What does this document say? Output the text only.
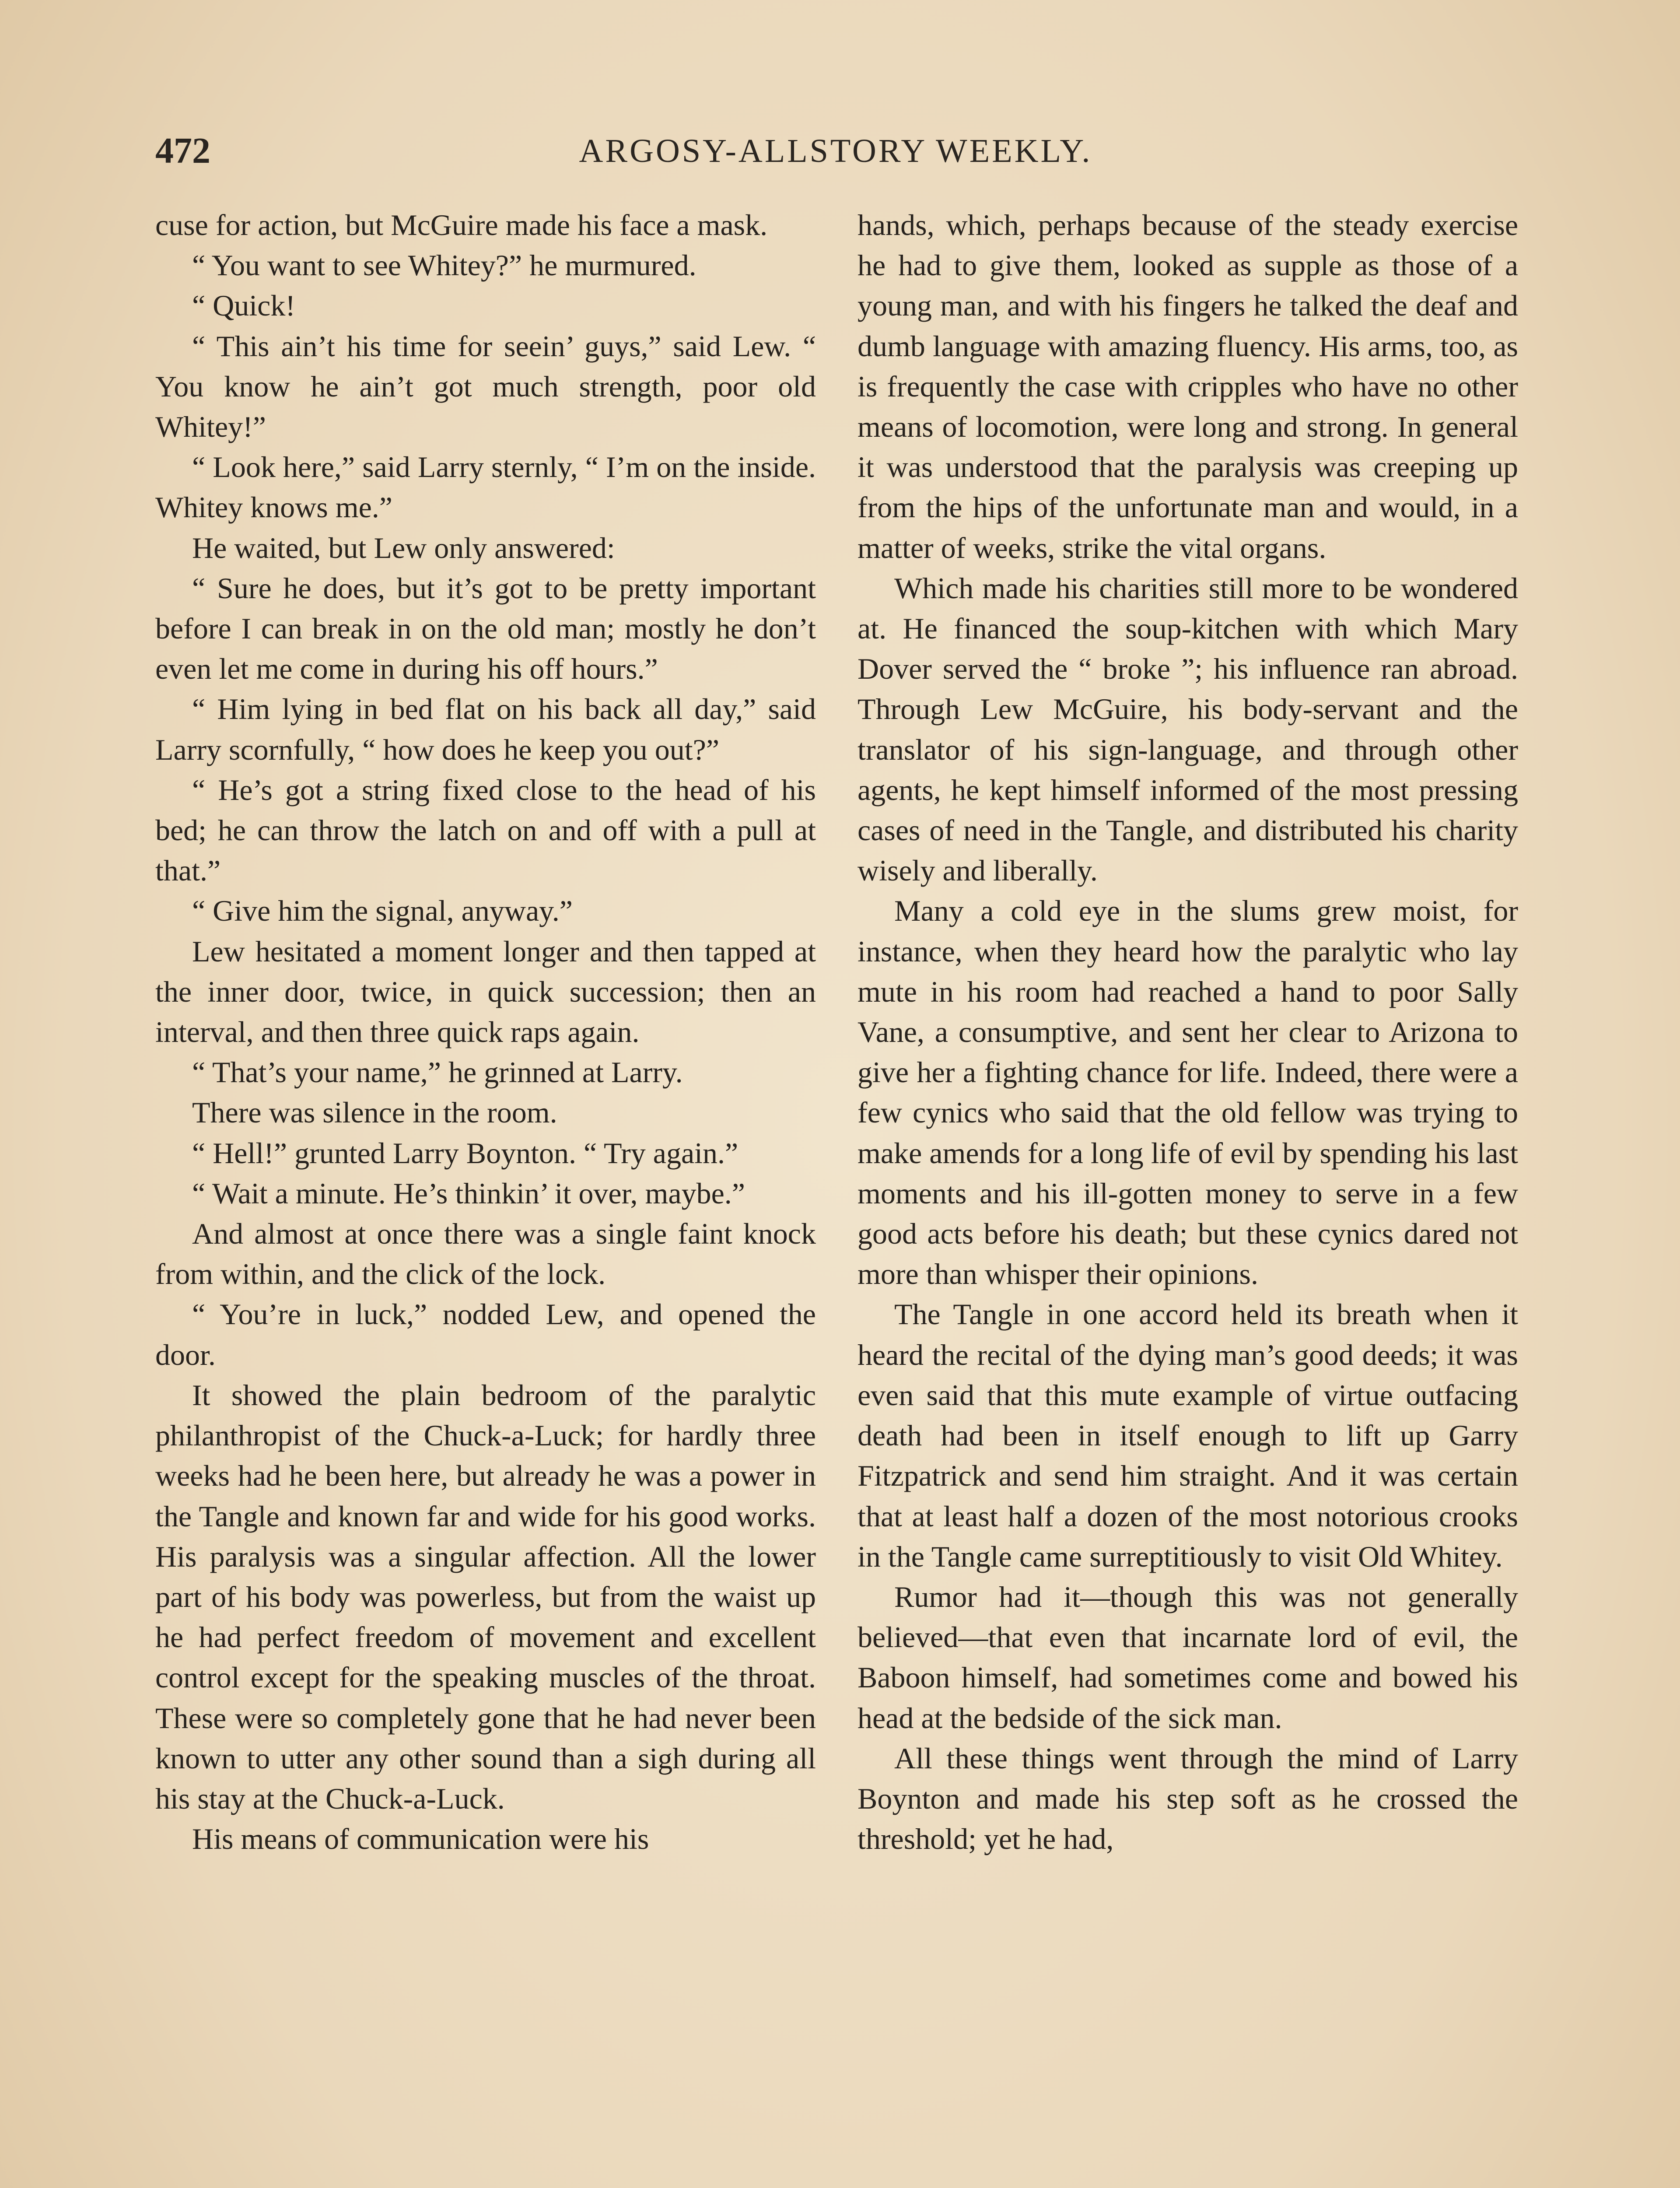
472	ARGOSY-ALLSTORY WEEKLY.

cuse for action, but McGuire made his face a mask.

“ You want to see Whitey?” he murmured.

“ Quick!

“ This ain’t his time for seein’ guys,” said Lew. “ You know he ain’t got much strength, poor old Whitey!”

“ Look here,” said Larry sternly, “ I’m on the inside. Whitey knows me.”

He waited, but Lew only answered:

“ Sure he does, but it’s got to be pretty important before I can break in on the old man; mostly he don’t even let me come in during his off hours.”

“ Him lying in bed flat on his back all day,” said Larry scornfully, “ how does he keep you out?”

“ He’s got a string fixed close to the head of his bed; he can throw the latch on and off with a pull at that.”

“ Give him the signal, anyway.”

Lew hesitated a moment longer and then tapped at the inner door, twice, in quick succession; then an interval, and then three quick raps again.

“ That’s your name,” he grinned at Larry.

There was silence in the room.

“ Hell!” grunted Larry Boynton. “ Try again.”

“ Wait a minute. He’s thinkin’ it over, maybe.”

And almost at once there was a single faint knock from within, and the click of the lock.

“ You’re in luck,” nodded Lew, and opened the door.

It showed the plain bedroom of the paralytic philanthropist of the Chuck-a-Luck; for hardly three weeks had he been here, but already he was a power in the Tangle and known far and wide for his good works. His paralysis was a singular affection. All the lower part of his body was powerless, but from the waist up he had perfect freedom of movement and excellent control except for the speaking muscles of the throat. These were so completely gone that he had never been known to utter any other sound than a sigh during all his stay at the Chuck-a-Luck.

His means of communication were his

hands, which, perhaps because of the steady exercise he had to give them, looked as supple as those of a young man, and with his fingers he talked the deaf and dumb language with amazing fluency. His arms, too, as is frequently the case with cripples who have no other means of locomotion, were long and strong. In general it was understood that the paralysis was creeping up from the hips of the unfortunate man and would, in a matter of weeks, strike the vital organs.

Which made his charities still more to be wondered at. He financed the soup-kitchen with which Mary Dover served the “ broke ”; his influence ran abroad. Through Lew McGuire, his body-servant and the translator of his sign-language, and through other agents, he kept himself informed of the most pressing cases of need in the Tangle, and distributed his charity wisely and liberally.

Many a cold eye in the slums grew moist, for instance, when they heard how the paralytic who lay mute in his room had reached a hand to poor Sally Vane, a consumptive, and sent her clear to Arizona to give her a fighting chance for life. Indeed, there were a few cynics who said that the old fellow was trying to make amends for a long life of evil by spending his last moments and his ill-gotten money to serve in a few good acts before his death; but these cynics dared not more than whisper their opinions.

The Tangle in one accord held its breath when it heard the recital of the dying man’s good deeds; it was even said that this mute example of virtue outfacing death had been in itself enough to lift up Garry Fitzpatrick and send him straight. And it was certain that at least half a dozen of the most notorious crooks in the Tangle came surreptitiously to visit Old Whitey.

Rumor had it—though this was not generally believed—that even that incarnate lord of evil, the Baboon himself, had sometimes come and bowed his head at the bedside of the sick man.

All these things went through the mind of Larry Boynton and made his step soft as he crossed the threshold; yet he had,
